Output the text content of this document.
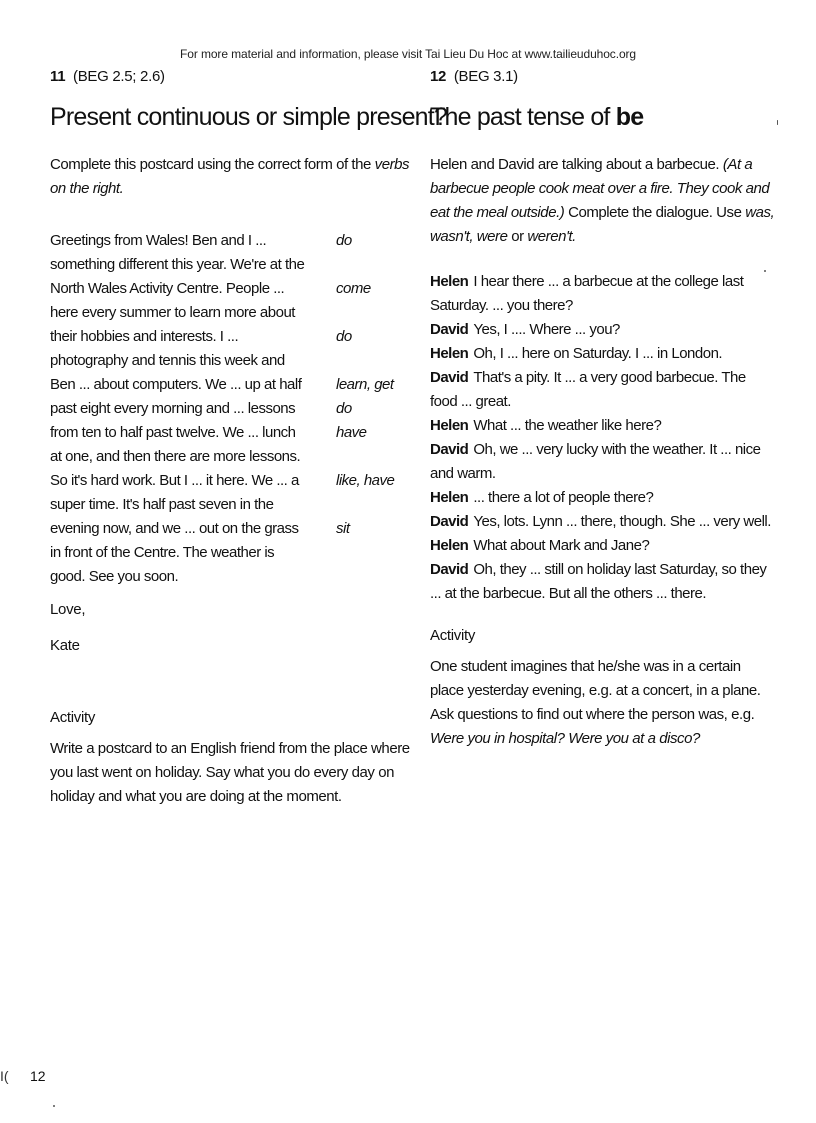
For more material and information, please visit Tai Lieu Du Hoc at www.tailieuduhoc.org
11 (BEG 2.5; 2.6)
Present continuous or simple present?
Complete this postcard using the correct form of the verbs on the right.
Greetings from Wales! Ben and I ...	do
something different this year. We're at the
North Wales Activity Centre. People ...	come
here every summer to learn more about
their hobbies and interests. I ...	do
photography and tennis this week and
Ben ... about computers. We ... up at half	learn, get
past eight every morning and ... lessons	do
from ten to half past twelve. We ... lunch	have
at one, and then there are more lessons.
So it's hard work. But I ... it here. We ... a	like, have
super time. It's half past seven in the
evening now, and we ... out on the grass	sit
in front of the Centre. The weather is
good. See you soon.
Love,
Kate
Activity
Write a postcard to an English friend from the place where you last went on holiday. Say what you do every day on holiday and what you are doing at the moment.
12 (BEG 3.1)
The past tense of be
Helen and David are talking about a barbecue. (At a barbecue people cook meat over a fire. They cook and eat the meal outside.) Complete the dialogue. Use was, wasn't, were or weren't.
Helen I hear there ... a barbecue at the college last Saturday. ... you there?
David Yes, I .... Where ... you?
Helen Oh, I ... here on Saturday. I ... in London.
David That's a pity. It ... a very good barbecue. The food ... great.
Helen What ... the weather like here?
David Oh, we ... very lucky with the weather. It ... nice and warm.
Helen ... there a lot of people there?
David Yes, lots. Lynn ... there, though. She ... very well.
Helen What about Mark and Jane?
David Oh, they ... still on holiday last Saturday, so they ... at the barbecue. But all the others ... there.
Activity
One student imagines that he/she was in a certain place yesterday evening, e.g. at a concert, in a plane. Ask questions to find out where the person was, e.g. Were you in hospital? Were you at a disco?
I( 12
